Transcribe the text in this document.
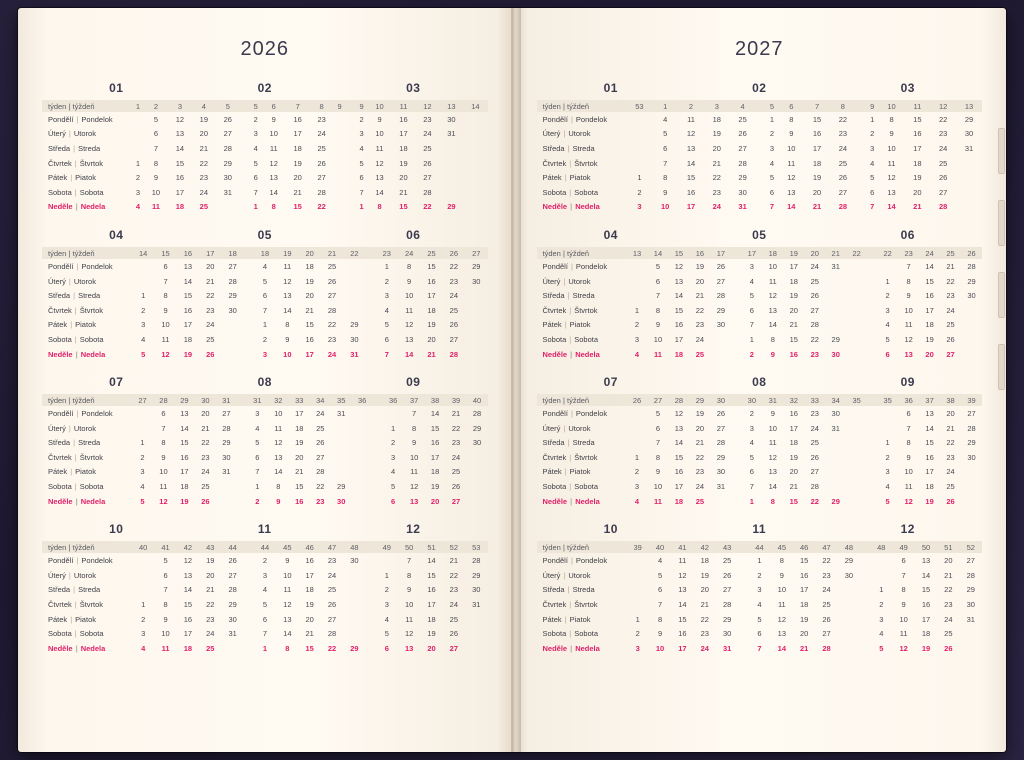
2026
01	02	03
týden | týždeň	1	2	3	4	5		5	6	7	8	9		9	10	11	12	13	14
Pondělí | Pondelok		5	12	19	26		2	9	16	23			2	9	16	23	30	
Úterý | Utorok		6	13	20	27		3	10	17	24			3	10	17	24	31	
Středa | Streda		7	14	21	28		4	11	18	25			4	11	18	25		
Čtvrtek | Štvrtok	1	8	15	22	29		5	12	19	26			5	12	19	26		
Pátek | Piatok	2	9	16	23	30		6	13	20	27			6	13	20	27		
Sobota | Sobota	3	10	17	24	31		7	14	21	28			7	14	21	28		
Neděle | Nedela	4	11	18	25			1	8	15	22			1	8	15	22	29	
04	05	06
týden | týždeň	14	15	16	17	18		18	19	20	21	22		23	24	25	26	27
Pondělí | Pondelok		6	13	20	27		4	11	18	25			1	8	15	22	29
Úterý | Utorok		7	14	21	28		5	12	19	26			2	9	16	23	30
Středa | Streda	1	8	15	22	29		6	13	20	27			3	10	17	24	
Čtvrtek | Štvrtok	2	9	16	23	30		7	14	21	28			4	11	18	25	
Pátek | Piatok	3	10	17	24			1	8	15	22	29		5	12	19	26	
Sobota | Sobota	4	11	18	25			2	9	16	23	30		6	13	20	27	
Neděle | Nedela	5	12	19	26			3	10	17	24	31		7	14	21	28	
07	08	09
týden | týždeň	27	28	29	30	31		31	32	33	34	35	36		36	37	38	39	40
Pondělí | Pondelok		6	13	20	27		3	10	17	24	31				7	14	21	28
Úterý | Utorok		7	14	21	28		4	11	18	25				1	8	15	22	29
Středa | Streda	1	8	15	22	29		5	12	19	26				2	9	16	23	30
Čtvrtek | Štvrtok	2	9	16	23	30		6	13	20	27				3	10	17	24	
Pátek | Piatok	3	10	17	24	31		7	14	21	28				4	11	18	25	
Sobota | Sobota	4	11	18	25			1	8	15	22	29			5	12	19	26	
Neděle | Nedela	5	12	19	26			2	9	16	23	30			6	13	20	27	
10	11	12
týden | týždeň	40	41	42	43	44		44	45	46	47	48		49	50	51	52	53
Pondělí | Pondelok		5	12	19	26		2	9	16	23	30			7	14	21	28
Úterý | Utorok		6	13	20	27		3	10	17	24			1	8	15	22	29
Středa | Streda		7	14	21	28		4	11	18	25			2	9	16	23	30
Čtvrtek | Štvrtok	1	8	15	22	29		5	12	19	26			3	10	17	24	31
Pátek | Piatok	2	9	16	23	30		6	13	20	27			4	11	18	25	
Sobota | Sobota	3	10	17	24	31		7	14	21	28			5	12	19	26	
Neděle | Nedela	4	11	18	25			1	8	15	22	29		6	13	20	27	
2027
01	02	03
týden | týždeň	53	1	2	3	4		5	6	7	8		9	10	11	12	13
Pondělí | Pondelok		4	11	18	25		1	8	15	22		1	8	15	22	29
Úterý | Utorok		5	12	19	26		2	9	16	23		2	9	16	23	30
Středa | Streda		6	13	20	27		3	10	17	24		3	10	17	24	31
Čtvrtek | Štvrtok		7	14	21	28		4	11	18	25		4	11	18	25	
Pátek | Piatok	1	8	15	22	29		5	12	19	26		5	12	19	26	
Sobota | Sobota	2	9	16	23	30		6	13	20	27		6	13	20	27	
Neděle | Nedela	3	10	17	24	31		7	14	21	28		7	14	21	28	
04	05	06
týden | týždeň	13	14	15	16	17		17	18	19	20	21	22		22	23	24	25	26
Pondělí | Pondelok		5	12	19	26		3	10	17	24	31				7	14	21	28
Úterý | Utorok		6	13	20	27		4	11	18	25				1	8	15	22	29
Středa | Streda		7	14	21	28		5	12	19	26				2	9	16	23	30
Čtvrtek | Štvrtok	1	8	15	22	29		6	13	20	27				3	10	17	24	
Pátek | Piatok	2	9	16	23	30		7	14	21	28				4	11	18	25	
Sobota | Sobota	3	10	17	24			1	8	15	22	29			5	12	19	26	
Neděle | Nedela	4	11	18	25			2	9	16	23	30			6	13	20	27	
07	08	09
týden | týždeň	26	27	28	29	30		30	31	32	33	34	35		35	36	37	38	39
Pondělí | Pondelok		5	12	19	26		2	9	16	23	30				6	13	20	27
Úterý | Utorok		6	13	20	27		3	10	17	24	31				7	14	21	28
Středa | Streda		7	14	21	28		4	11	18	25				1	8	15	22	29
Čtvrtek | Štvrtok	1	8	15	22	29		5	12	19	26				2	9	16	23	30
Pátek | Piatok	2	9	16	23	30		6	13	20	27				3	10	17	24	
Sobota | Sobota	3	10	17	24	31		7	14	21	28				4	11	18	25	
Neděle | Nedela	4	11	18	25			1	8	15	22	29			5	12	19	26	
10	11	12
týden | týždeň	39	40	41	42	43		44	45	46	47	48		48	49	50	51	52
Pondělí | Pondelok		4	11	18	25		1	8	15	22	29			6	13	20	27
Úterý | Utorok		5	12	19	26		2	9	16	23	30			7	14	21	28
Středa | Streda		6	13	20	27		3	10	17	24			1	8	15	22	29
Čtvrtek | Štvrtok		7	14	21	28		4	11	18	25			2	9	16	23	30
Pátek | Piatok	1	8	15	22	29		5	12	19	26			3	10	17	24	31
Sobota | Sobota	2	9	16	23	30		6	13	20	27			4	11	18	25	
Neděle | Nedela	3	10	17	24	31		7	14	21	28			5	12	19	26	
